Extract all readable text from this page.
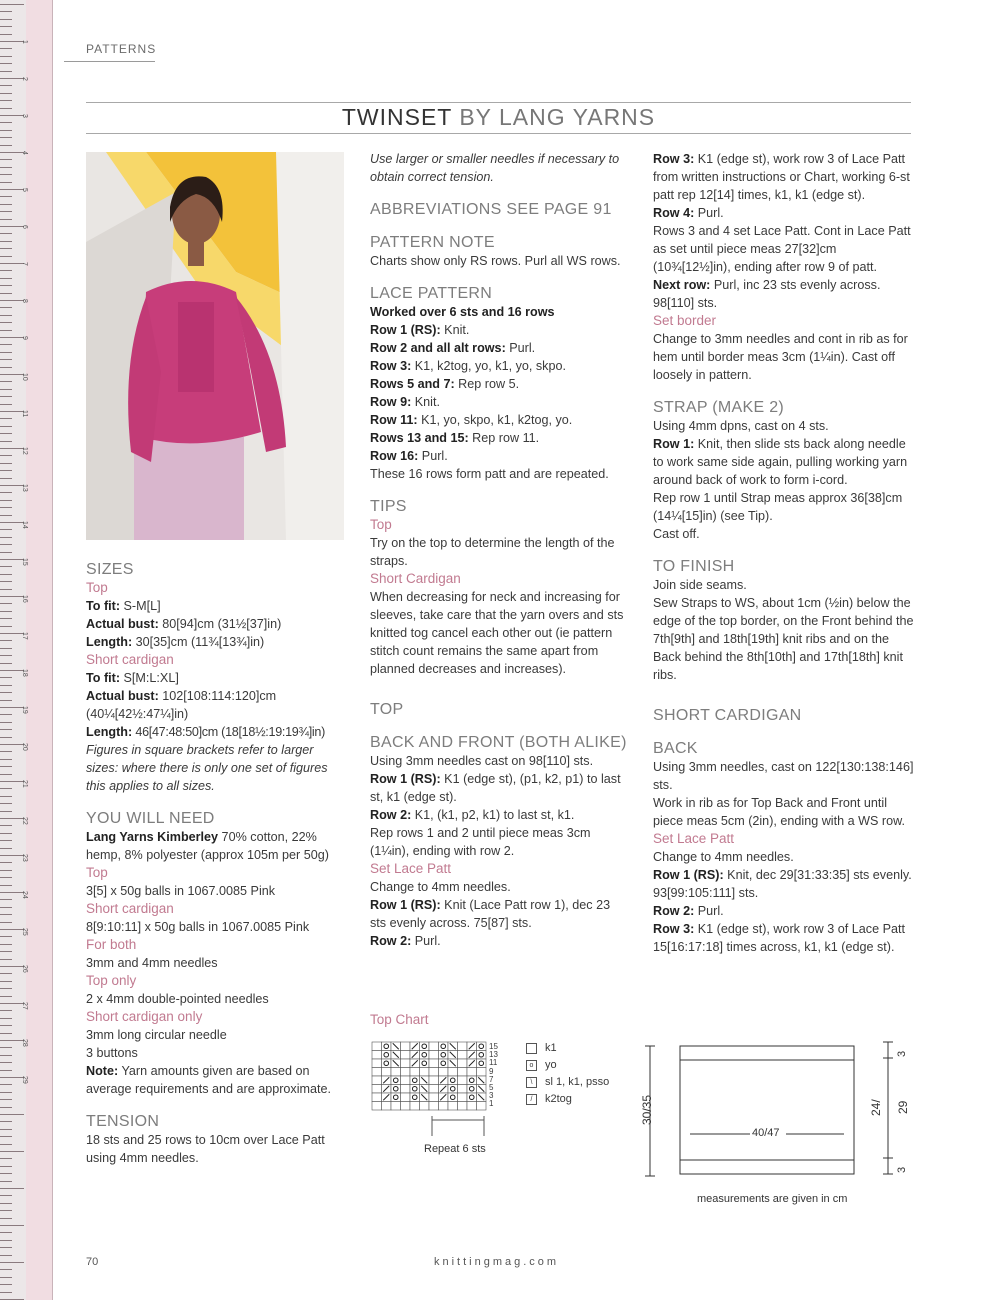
1
2
3
4
5
6
7
8
9
10
11
12
13
14
15
16
17
18
19
20
21
22
23
24
25
26
27
28
29
PATTERNS
TWINSET BY LANG YARNS

SIZES

Top

To fit: S-M[L]

Actual bust: 80[94]cm (31½[37]in)

Length: 30[35]cm (11¾[13¾]in)

Short cardigan

To fit: S[M:L:XL]

Actual bust: 102[108:114:120]cm

(40¼[42½:47¼]in)

Length: 46[47:48:50]cm (18[18½:19:19¾]in)

Figures in square brackets refer to larger sizes: where there is only one set of figures this applies to all sizes.

YOU WILL NEED

Lang Yarns Kimberley 70% cotton, 22% hemp, 8% polyester (approx 105m per 50g)

Top

3[5] x 50g balls in 1067.0085 Pink

Short cardigan

8[9:10:11] x 50g balls in 1067.0085 Pink

For both

3mm and 4mm needles

Top only

2 x 4mm double-pointed needles

Short cardigan only

3mm long circular needle

3 buttons

Note: Yarn amounts given are based on average requirements and are approximate.

TENSION

18 sts and 25 rows to 10cm over Lace Patt using 4mm needles.

Use larger or smaller needles if necessary to obtain correct tension.

ABBREVIATIONS SEE PAGE 91

PATTERN NOTE

Charts show only RS rows. Purl all WS rows.

LACE PATTERN

Worked over 6 sts and 16 rows

Row 1 (RS): Knit.

Row 2 and all alt rows: Purl.

Row 3: K1, k2tog, yo, k1, yo, skpo.

Rows 5 and 7: Rep row 5.

Row 9: Knit.

Row 11: K1, yo, skpo, k1, k2tog, yo.

Rows 13 and 15: Rep row 11.

Row 16: Purl.

These 16 rows form patt and are repeated.

TIPS

Top

Try on the top to determine the length of the straps.

Short Cardigan

When decreasing for neck and increasing for sleeves, take care that the yarn overs and sts knitted tog cancel each other out (ie pattern stitch count remains the same apart from planned decreases and increases).

TOP

BACK AND FRONT (BOTH ALIKE)

Using 3mm needles cast on 98[110] sts.

Row 1 (RS): K1 (edge st), (p1, k2, p1) to last st, k1 (edge st).

Row 2: K1, (k1, p2, k1) to last st, k1.

Rep rows 1 and 2 until piece meas 3cm (1¼in), ending with row 2.

Set Lace Patt

Change to 4mm needles.

Row 1 (RS): Knit (Lace Patt row 1), dec 23 sts evenly across. 75[87] sts.

Row 2: Purl.

Top Chart
15
13
11
9
7
5
3
1
Repeat 6 sts
k1
o	yo
\	sl 1, k1, psso
/	k2tog

Row 3: K1 (edge st), work row 3 of Lace Patt from written instructions or Chart, working 6-st patt rep 12[14] times, k1, k1 (edge st).

Row 4: Purl.

Rows 3 and 4 set Lace Patt. Cont in Lace Patt as set until piece meas 27[32]cm (10¾[12½]in), ending after row 9 of patt.

Next row: Purl, inc 23 sts evenly across. 98[110] sts.

Set border

Change to 3mm needles and cont in rib as for hem until border meas 3cm (1¼in). Cast off loosely in pattern.

STRAP (MAKE 2)

Using 4mm dpns, cast on 4 sts.

Row 1: Knit, then slide sts back along needle to work same side again, pulling working yarn around back of work to form i-cord.

Rep row 1 until Strap meas approx 36[38]cm (14¼[15]in) (see Tip).

Cast off.

TO FINISH

Join side seams.

Sew Straps to WS, about 1cm (½in) below the edge of the top border, on the Front behind the 7th[9th] and 18th[19th] knit ribs and on the Back behind the 8th[10th] and 17th[18th] knit ribs.

SHORT CARDIGAN

BACK

Using 3mm needles, cast on 122[130:138:146] sts.

Work in rib as for Top Back and Front until piece meas 5cm (2in), ending with a WS row.

Set Lace Patt

Change to 4mm needles.

Row 1 (RS): Knit, dec 29[31:33:35] sts evenly. 93[99:105:111] sts.

Row 2: Purl.

Row 3: K1 (edge st), work row 3 of Lace Patt 15[16:17:18] times across, k1, k1 (edge st).

40/47
30/35	24/ 29
3
3
measurements are given in cm
70	knittingmag.com
